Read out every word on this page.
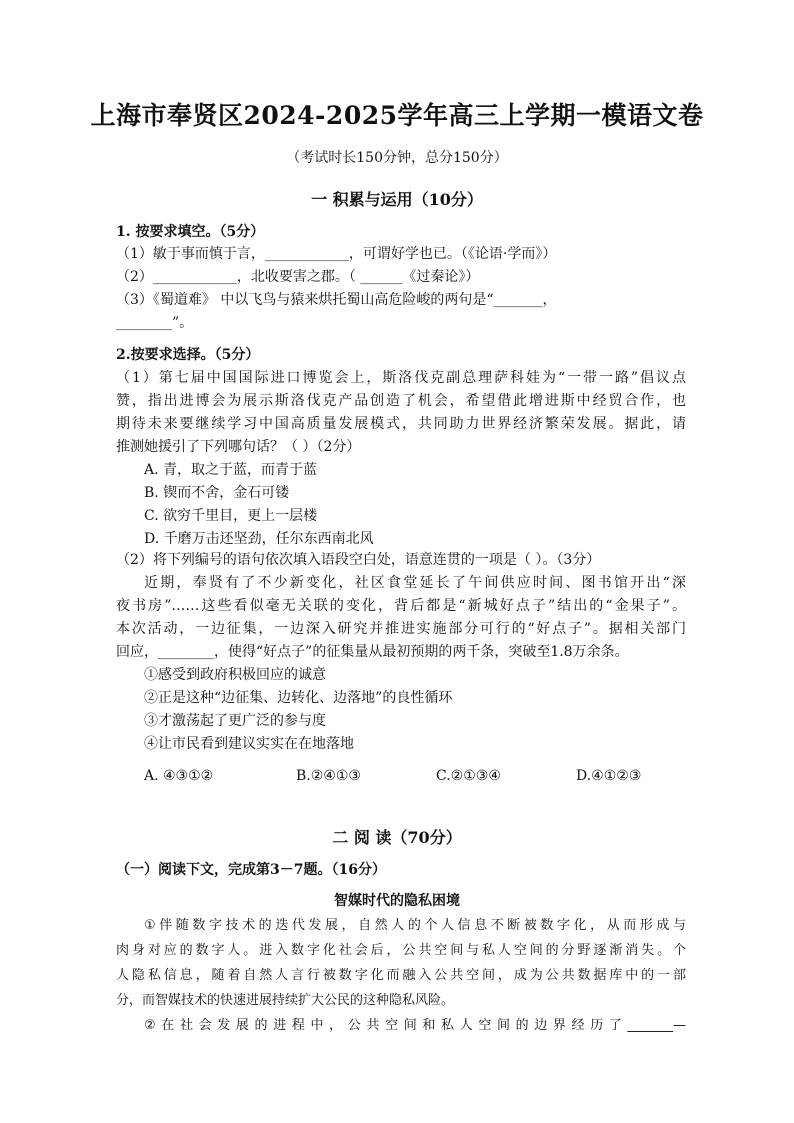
上海市奉贤区2024-2025学年高三上学期一模语文卷
（考试时长150分钟，总分150分）
一 积累与运用（10分）
1. 按要求填空。（5分）
（1）敏于事而慎于言，____________，可谓好学也已。（《论语·学而》）
（2）____________，北收要害之郡。（ ______《过秦论》）
（3）《蜀道难》 中以飞鸟与猿来烘托蜀山高危险峻的两句是“_______，
________”。
2.按要求选择。（5分）
（1）第七届中国国际进口博览会上，斯洛伐克副总理萨科娃为“一带一路”倡议点
赞，指出进博会为展示斯洛伐克产品创造了机会，希望借此增进斯中经贸合作，也
期待未来要继续学习中国高质量发展模式，共同助力世界经济繁荣发展。据此，请
推测她援引了下列哪句话？（ ）（2分）
A. 青，取之于蓝，而青于蓝
B. 锲而不舍，金石可镂
C. 欲穷千里目，更上一层楼
D. 千磨万击还坚劲，任尔东西南北风
（2）将下列编号的语句依次填入语段空白处，语意连贯的一项是（ ）。（3分）
近期，奉贤有了不少新变化，社区食堂延长了午间供应时间、图书馆开出“深
夜书房”……这些看似毫无关联的变化，背后都是“新城好点子”结出的“金果子”。
本次活动，一边征集，一边深入研究并推进实施部分可行的“好点子”。据相关部门
回应，________，使得“好点子”的征集量从最初预期的两千条，突破至1.8万余条。
①感受到政府积极回应的诚意
②正是这种“边征集、边转化、边落地”的良性循环
③才激荡起了更广泛的参与度
④让市民看到建议实实在在地落地
A. ④③①②	B.②④①③	C.②①③④	D.④①②③
二 阅 读（70分）
（一）阅读下文，完成第3－7题。（16分）
智媒时代的隐私困境
①伴随数字技术的迭代发展，自然人的个人信息不断被数字化，从而形成与
肉身对应的数字人。进入数字化社会后，公共空间与私人空间的分野逐渐消失。个
人隐私信息，随着自然人言行被数字化而融入公共空间，成为公共数据库中的一部
分，而智媒技术的快速进展持续扩大公民的这种隐私风险。
②在社会发展的进程中，公共空间和私人空间的边界经历了_______—
